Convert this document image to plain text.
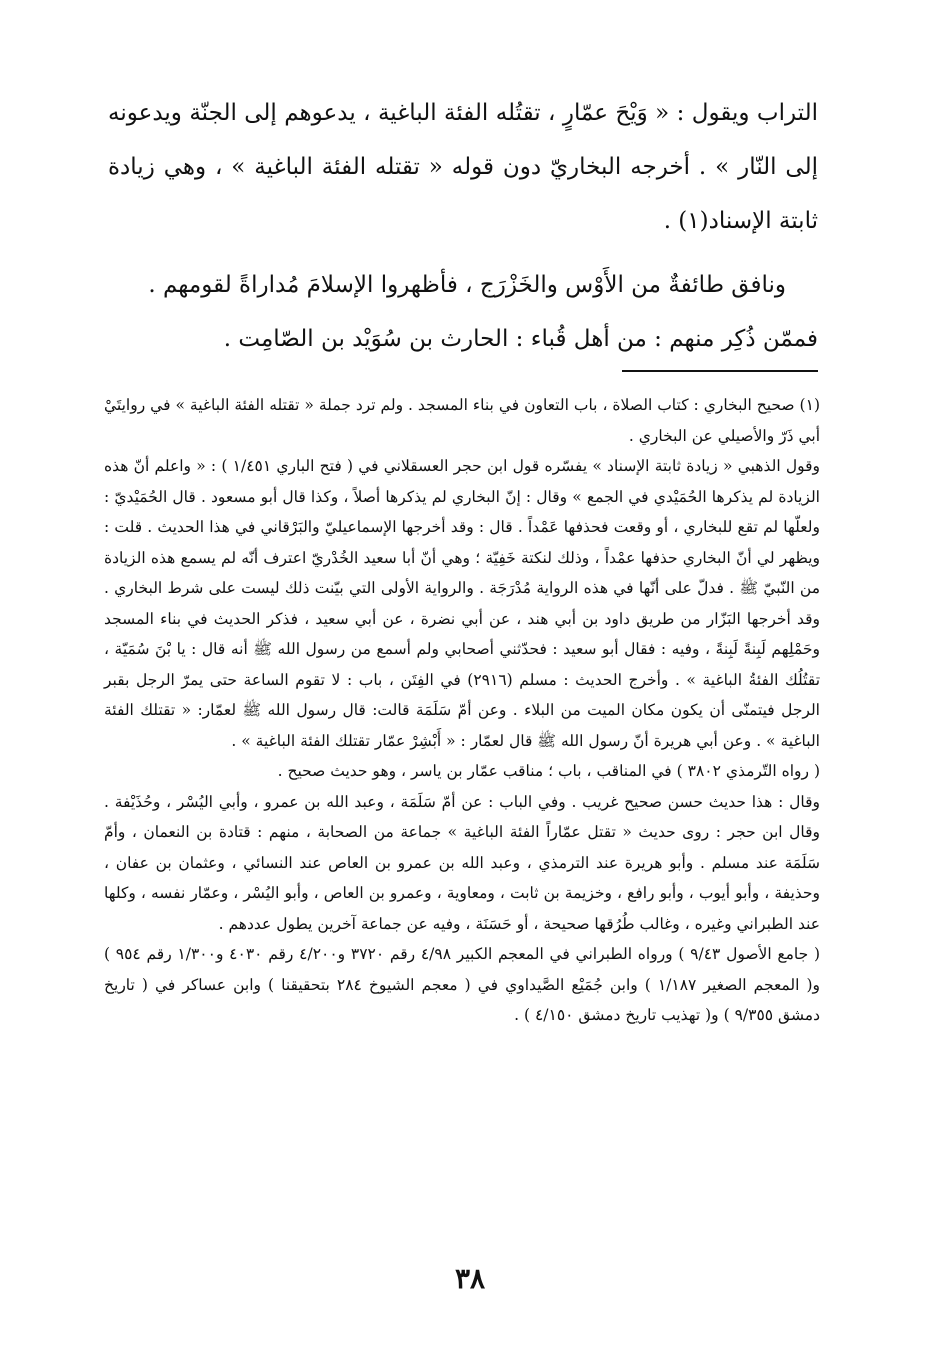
التراب ويقول : « وَيْحَ عمّارٍ ، تقتُله الفئة الباغية ، يدعوهم إلى الجنّة ويدعونه إلى النّار » . أخرجه البخاريّ دون قوله « تقتله الفئة الباغية » ، وهي زيادة ثابتة الإسناد(١) .

ونافق طائفةٌ من الأَوْس والخَزْرَج ، فأظهروا الإسلامَ مُداراةً لقومهم .

فممّن ذُكِر منهم : من أهل قُباء : الحارث بن سُوَيْد بن الصّامِت .

(١) صحيح البخاري : كتاب الصلاة ، باب التعاون في بناء المسجد . ولم ترد جملة « تقتله الفئة الباغية » في روايتَيْ أبي ذَرّ والأصيلي عن البخاري .

وقول الذهبي « زيادة ثابتة الإسناد » يفسّره قول ابن حجر العسقلاني في ( فتح الباري ١/٤٥١ ) : « واعلم أنّ هذه الزيادة لم يذكرها الحُمَيْدي في الجمع » وقال : إنّ البخاري لم يذكرها أصلاً ، وكذا قال أبو مسعود . قال الحُمَيْديّ : ولعلّها لم تقع للبخاري ، أو وقعت فحذفها عَمْداً . قال : وقد أخرجها الإسماعيليّ والبَرْقاني في هذا الحديث . قلت : ويظهر لي أنّ البخاري حذفها عمْداً ، وذلك لنكتة خَفِيّة ؛ وهي أنّ أبا سعيد الخُدْريّ اعترف أنّه لم يسمع هذه الزيادة من النّبيّ ﷺ . فدلّ على أنّها في هذه الرواية مُدْرَجَة . والرواية الأولى التي بيّنت ذلك ليست على شرط البخاري . وقد أخرجها البَزّار من طريق داود بن أبي هند ، عن أبي نضرة ، عن أبي سعيد ، فذكر الحديث في بناء المسجد وحَمْلِهم لَبِنةً لَبِنةً ، وفيه : فقال أبو سعيد : فحدّثني أصحابي ولم أسمع من رسول الله ﷺ أنه قال : يا بْنَ سُمَيّة ، تقتُلُك الفئةُ الباغية » . وأخرج الحديث : مسلم (٢٩١٦) في الفِتَن ، باب : لا تقوم الساعة حتى يمرّ الرجل بقبر الرجل فيتمنّى أن يكون مكان الميت من البلاء . وعن أمّ سَلَمَة قالت: قال رسول الله ﷺ لعمّار: « تقتلك الفئة الباغية » . وعن أبي هريرة أنّ رسول الله ﷺ قال لعمّار : « أَبْشِرْ عمّار تقتلك الفئة الباغية » .

( رواه التّرمذي ٣٨٠٢ ) في المناقب ، باب ؛ مناقب عمّار بن ياسر ، وهو حديث صحيح .

وقال : هذا حديث حسن صحيح غريب . وفي الباب : عن أمّ سَلَمَة ، وعبد الله بن عمرو ، وأبي اليُسْر ، وحُذَيْفة . وقال ابن حجر : روى حديث « تقتل عمّاراً الفئة الباغية » جماعة من الصحابة ، منهم : قتادة بن النعمان ، وأمّ سَلَمَة عند مسلم . وأبو هريرة عند الترمذي ، وعبد الله بن عمرو بن العاص عند النسائي ، وعثمان بن عفان ، وحذيفة ، وأبو أيوب ، وأبو رافع ، وخزيمة بن ثابت ، ومعاوية ، وعمرو بن العاص ، وأبو اليُسْر ، وعمّار نفسه ، وكلها عند الطبراني وغيره ، وغالب طُرُقها صحيحة ، أو حَسَنَة ، وفيه عن جماعة آخرين يطول عددهم .

( جامع الأصول ٩/٤٣ ) ورواه الطبراني في المعجم الكبير ٤/٩٨ رقم ٣٧٢٠ و٤/٢٠٠ رقم ٤٠٣٠ و١/٣٠٠ رقم ٩٥٤ ) و( المعجم الصغير ١/١٨٧ ) وابن جُمَيْع الصَّيداوي في ( معجم الشيوخ ٢٨٤ بتحقيقنا ) وابن عساكر في ( تاريخ دمشق ٩/٣٥٥ ) و( تهذيب تاريخ دمشق ٤/١٥٠ ) .

٣٨
